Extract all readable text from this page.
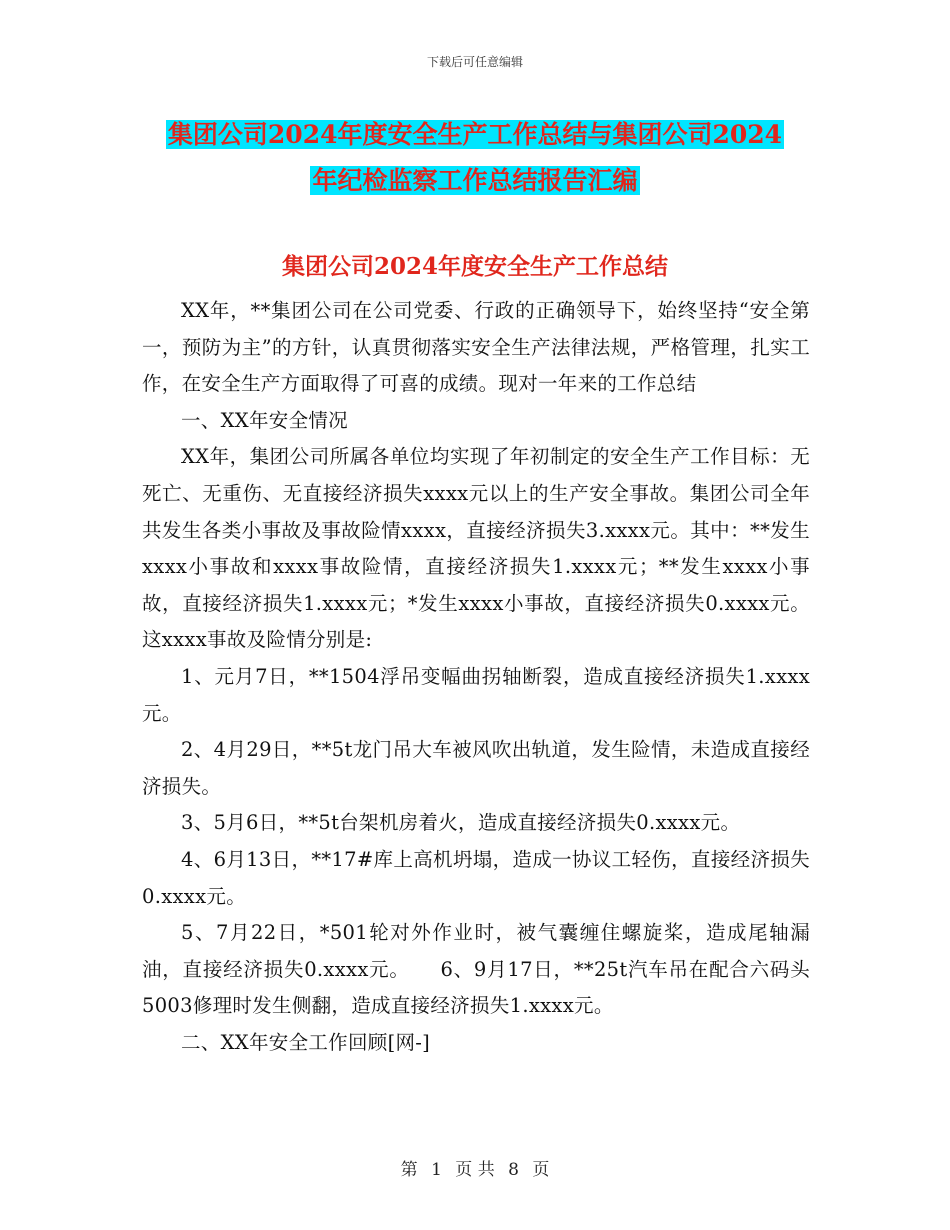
下载后可任意编辑
集团公司2024年度安全生产工作总结与集团公司2024
年纪检监察工作总结报告汇编
集团公司2024年度安全生产工作总结

XX年，**集团公司在公司党委、行政的正确领导下，始终坚持“安全第一，预防为主”的方针，认真贯彻落实安全生产法律法规，严格管理，扎实工作，在安全生产方面取得了可喜的成绩。现对一年来的工作总结

一、XX年安全情况

XX年，集团公司所属各单位均实现了年初制定的安全生产工作目标：无死亡、无重伤、无直接经济损失xxxx元以上的生产安全事故。集团公司全年共发生各类小事故及事故险情xxxx，直接经济损失3.xxxx元。其中：**发生xxxx小事故和xxxx事故险情，直接经济损失1.xxxx元；**发生xxxx小事故，直接经济损失1.xxxx元；*发生xxxx小事故，直接经济损失0.xxxx元。这xxxx事故及险情分别是:

1、元月7日，**1504浮吊变幅曲拐轴断裂，造成直接经济损失1.xxxx元。

2、4月29日，**5t龙门吊大车被风吹出轨道，发生险情，未造成直接经济损失。

3、5月6日，**5t台架机房着火，造成直接经济损失0.xxxx元。

4、6月13日，**17#库上高机坍塌，造成一协议工轻伤，直接经济损失0.xxxx元。

5、7月22日，*501轮对外作业时，被气囊缠住螺旋桨，造成尾轴漏油，直接经济损失0.xxxx元。　　6、9月17日，**25t汽车吊在配合六码头5003修理时发生侧翻，造成直接经济损失1.xxxx元。

二、XX年安全工作回顾[网-]

第 1 页 共 8 页
